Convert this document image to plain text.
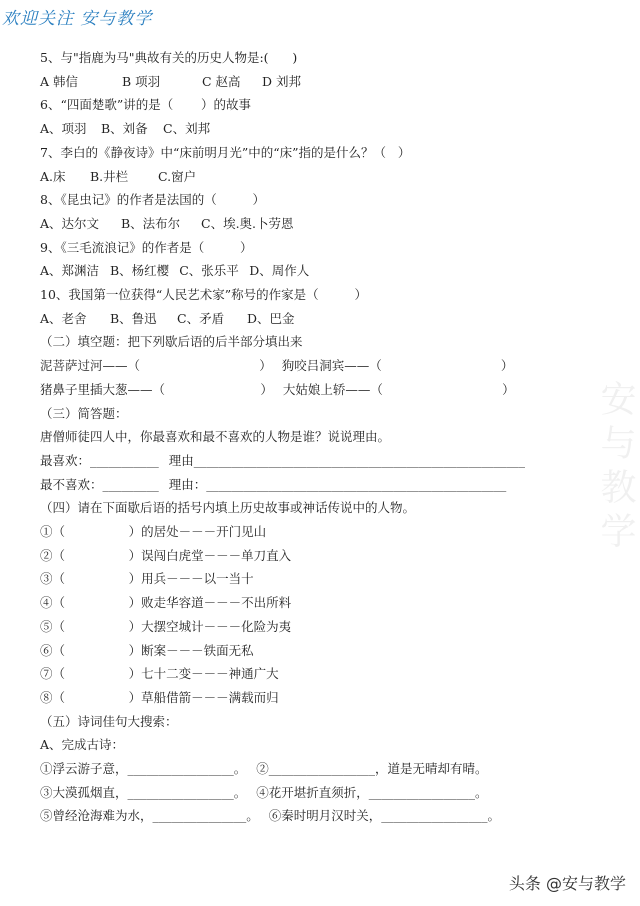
欢迎关注 安与教学
安与教学
5、与"指鹿为马"典故有关的历史人物是:(      )
A 韩信	B 项羽	C 赵高	D 刘邦
6、“四面楚歌”讲的是（       ）的故事
A、项羽	B、刘备	C、刘邦
7、李白的《静夜诗》中“床前明月光”中的“床”指的是什么？（   ）
A.床	B.井栏	C.窗户
8、《昆虫记》的作者是法国的（         ）
A、达尔文	B、法布尔	C、埃.奥.卜劳恩
9、《三毛流浪记》的作者是（         ）
A、郑渊洁 B、杨红樱 C、张乐平 D、周作人
10、我国第一位获得“人民艺术家”称号的作家是（         ）
A、老舍	B、鲁迅	C、矛盾	D、巴金
（二）填空题：把下列歇后语的后半部分填出来
泥菩萨过河——（                              ） 狗咬吕洞宾——（                              ）
猪鼻子里插大葱——（                        ） 大姑娘上轿——（                              ）
（三）简答题：
唐僧师徒四人中，你最喜欢和最不喜欢的人物是谁？说说理由。
最喜欢：___________ 理由_____________________________________________________
最不喜欢：_________ 理由：________________________________________________
（四）请在下面歇后语的括号内填上历史故事或神话传说中的人物。
①（                ）的居处－－－开门见山
②（                ）误闯白虎堂－－－单刀直入
③（                ）用兵－－－以一当十
④（                ）败走华容道－－－不出所料
⑤（                ）大摆空城计－－－化险为夷
⑥（                ）断案－－－铁面无私
⑦（                ）七十二变－－－神通广大
⑧（                ）草船借箭－－－满载而归
（五）诗词佳句大搜索：
A、完成古诗：
①浮云游子意，_________________。 ②_________________，道是无晴却有晴。
③大漠孤烟直，_________________。 ④花开堪折直须折，_________________。
⑤曾经沧海难为水，_______________。 ⑥秦时明月汉时关，_________________。
头条 @安与教学
